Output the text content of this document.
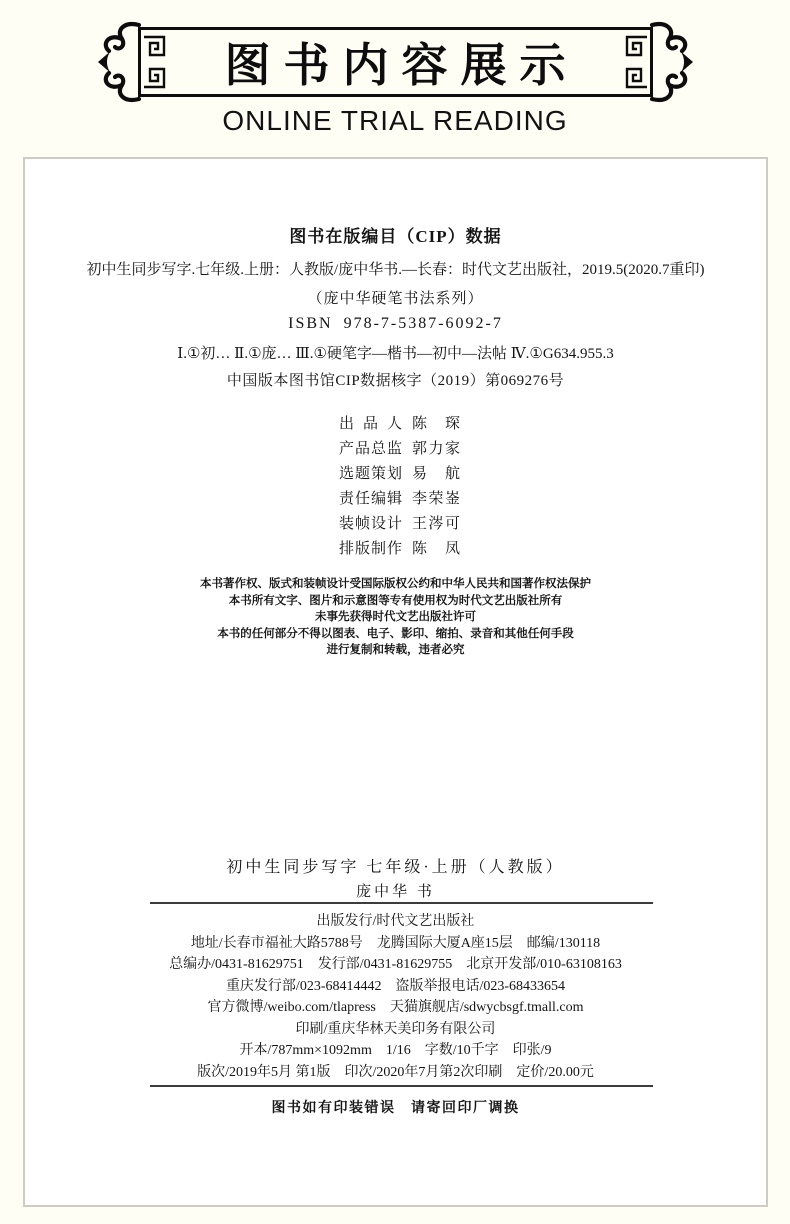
图书内容展示
ONLINE TRIAL READING
图书在版编目（CIP）数据
初中生同步写字.七年级.上册：人教版/庞中华书.—长春：时代文艺出版社，2019.5(2020.7重印)
（庞中华硬笔书法系列）
ISBN 978-7-5387-6092-7
Ⅰ.①初… Ⅱ.①庞… Ⅲ.①硬笔字—楷书—初中—法帖 Ⅳ.①G634.955.3
中国版本图书馆CIP数据核字（2019）第069276号
出品人 陈琛
产品总监 郭力家
选题策划 易航
责任编辑 李荣崟
装帧设计 王涔可
排版制作 陈凤
本书著作权、版式和装帧设计受国际版权公约和中华人民共和国著作权法保护
本书所有文字、图片和示意图等专有使用权为时代文艺出版社所有
未事先获得时代文艺出版社许可
本书的任何部分不得以图表、电子、影印、缩拍、录音和其他任何手段
进行复制和转载，违者必究
初中生同步写字 七年级·上册（人教版）
庞中华 书
出版发行/时代文艺出版社
地址/长春市福祉大路5788号　龙腾国际大厦A座15层　邮编/130118
总编办/0431-81629751　发行部/0431-81629755　北京开发部/010-63108163
重庆发行部/023-68414442　盗版举报电话/023-68433654
官方微博/weibo.com/tlapress　天猫旗舰店/sdwycbsgf.tmall.com
印刷/重庆华林天美印务有限公司
开本/787mm×1092mm　1/16　字数/10千字　印张/9
版次/2019年5月 第1版　印次/2020年7月第2次印刷　定价/20.00元
图书如有印装错误　请寄回印厂调换
